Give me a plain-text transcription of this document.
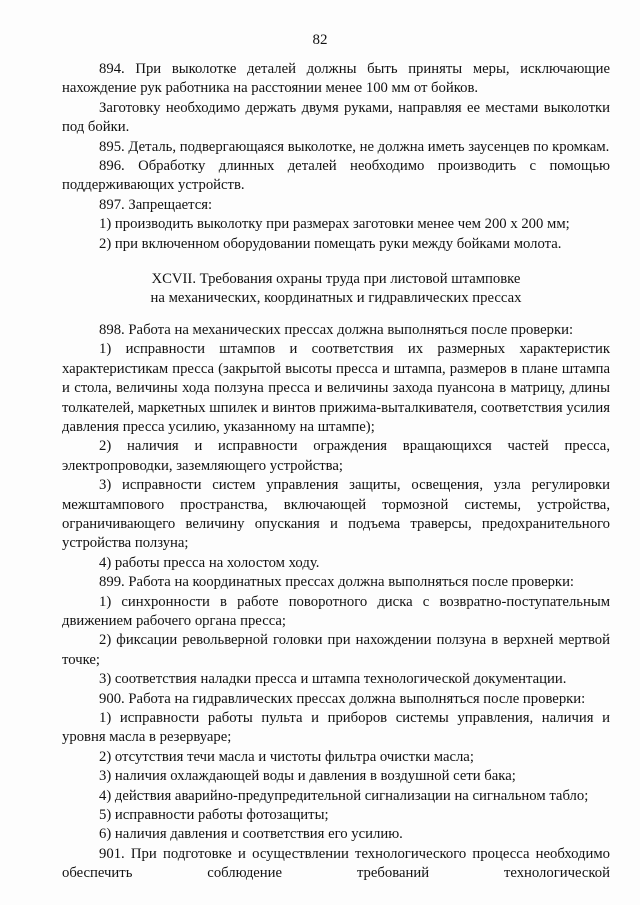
82

894. При выколотке деталей должны быть приняты меры, исключающие нахождение рук работника на расстоянии менее 100 мм от бойков.

Заготовку необходимо держать двумя руками, направляя ее местами выколотки под бойки.

895. Деталь, подвергающаяся выколотке, не должна иметь заусенцев по кромкам.

896. Обработку длинных деталей необходимо производить с помощью поддерживающих устройств.

897. Запрещается:

1) производить выколотку при размерах заготовки менее чем 200 х 200 мм;

2) при включенном оборудовании помещать руки между бойками молота.

XCVII. Требования охраны труда при листовой штамповке
на механических, координатных и гидравлических прессах

898. Работа на механических прессах должна выполняться после проверки:

1) исправности штампов и соответствия их размерных характеристик характеристикам пресса (закрытой высоты пресса и штампа, размеров в плане штампа и стола, величины хода ползуна пресса и величины захода пуансона в матрицу, длины толкателей, маркетных шпилек и винтов прижима-выталкивателя, соответствия усилия давления пресса усилию, указанному на штампе);

2) наличия и исправности ограждения вращающихся частей пресса, электропроводки, заземляющего устройства;

3) исправности систем управления защиты, освещения, узла регулировки межштампового пространства, включающей тормозной системы, устройства, ограничивающего величину опускания и подъема траверсы, предохранительного устройства ползуна;

4) работы пресса на холостом ходу.

899. Работа на координатных прессах должна выполняться после проверки:

1) синхронности в работе поворотного диска с возвратно-поступательным движением рабочего органа пресса;

2) фиксации револьверной головки при нахождении ползуна в верхней мертвой точке;

3) соответствия наладки пресса и штампа технологической документации.

900. Работа на гидравлических прессах должна выполняться после проверки:

1) исправности работы пульта и приборов системы управления, наличия и уровня масла в резервуаре;

2) отсутствия течи масла и чистоты фильтра очистки масла;

3) наличия охлаждающей воды и давления в воздушной сети бака;

4) действия аварийно-предупредительной сигнализации на сигнальном табло;

5) исправности работы фотозащиты;

6) наличия давления и соответствия его усилию.

901. При подготовке и осуществлении технологического процесса необходимо обеспечить соблюдение требований технологической
